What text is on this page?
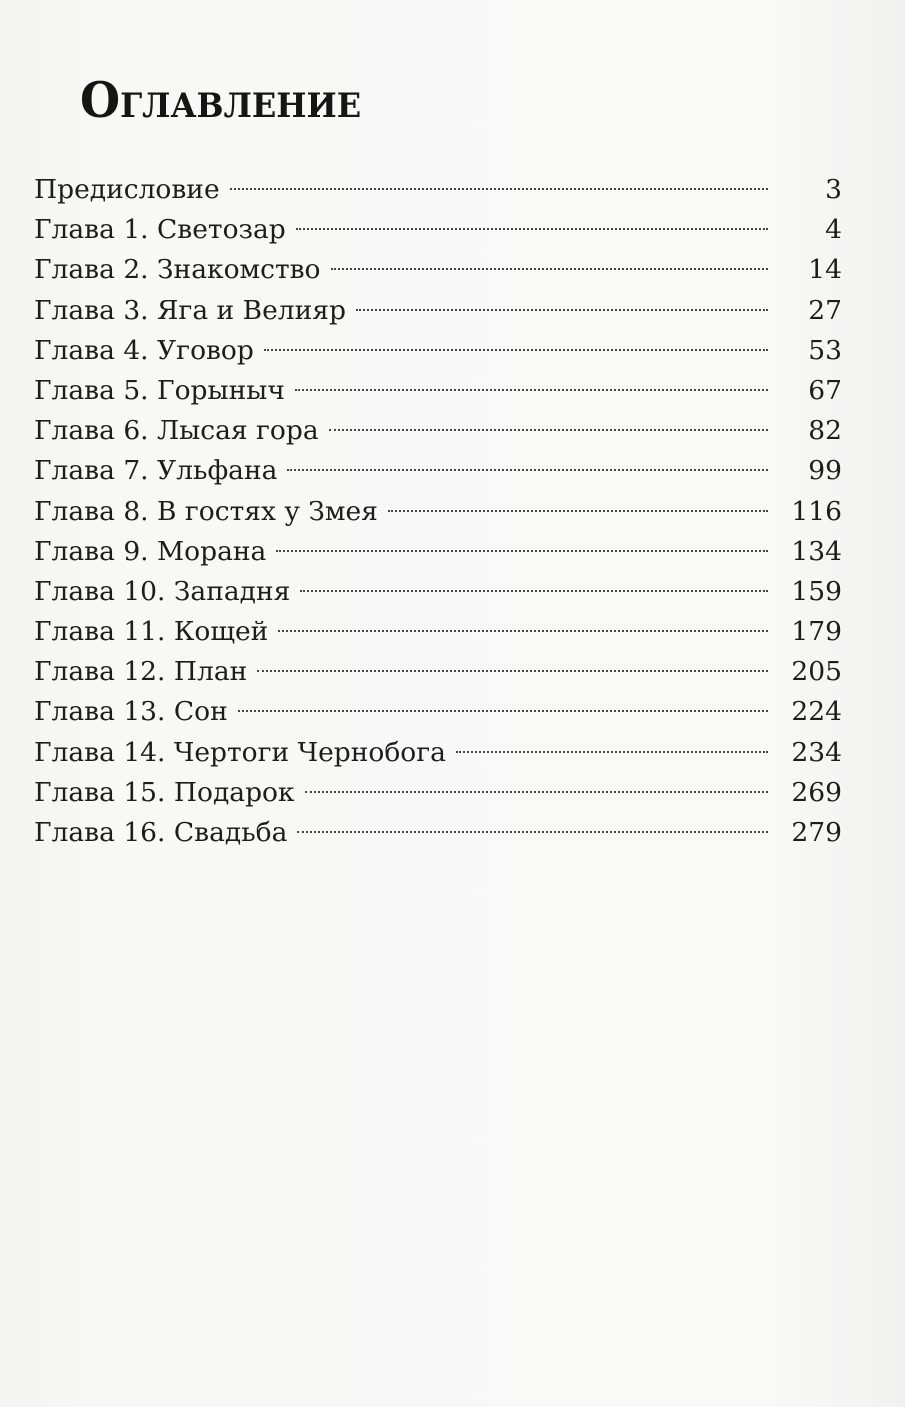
Оглавление
Предисловие	3
Глава 1. Светозар	4
Глава 2. Знакомство	14
Глава 3. Яга и Велияр	27
Глава 4. Уговор	53
Глава 5. Горыныч	67
Глава 6. Лысая гора	82
Глава 7. Ульфана	99
Глава 8. В гостях у Змея	116
Глава 9. Морана	134
Глава 10. Западня	159
Глава 11. Кощей	179
Глава 12. План	205
Глава 13. Сон	224
Глава 14. Чертоги Чернобога	234
Глава 15. Подарок	269
Глава 16. Свадьба	279
